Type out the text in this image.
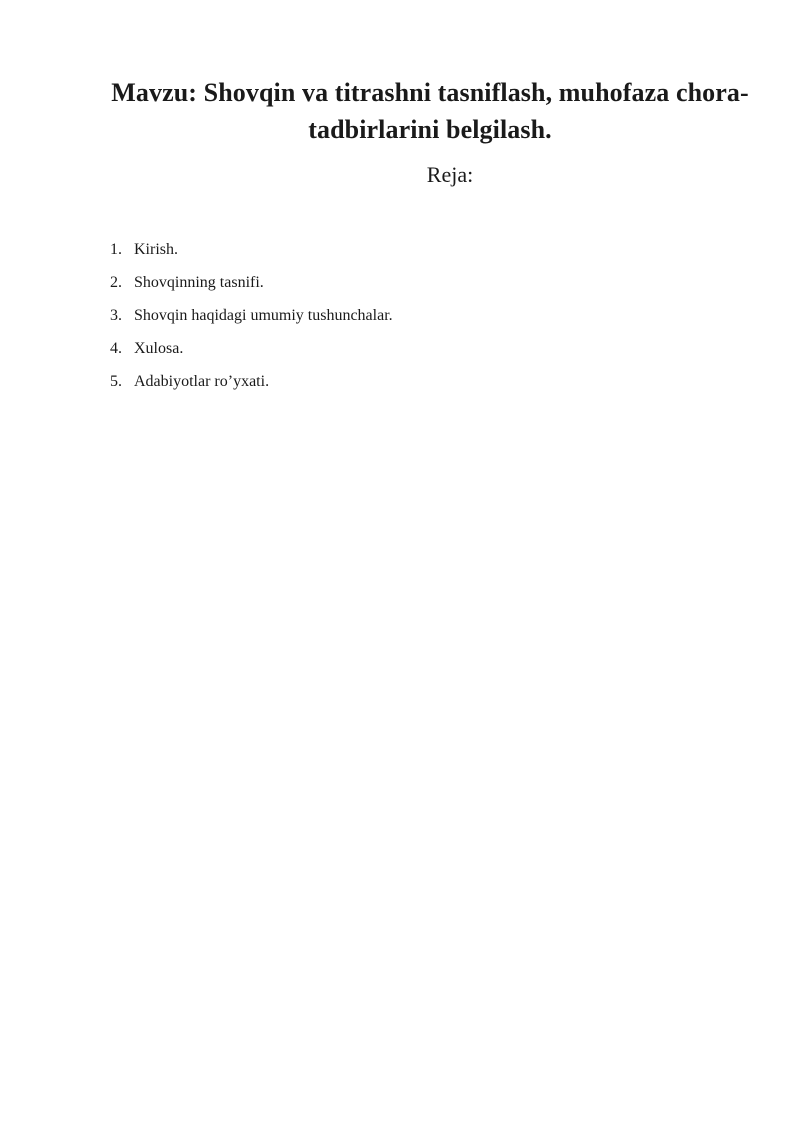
Mavzu: Shovqin va titrashni tasniflash, muhofaza chora-tadbirlarini belgilash.
Reja:
1. Kirish.
2. Shovqinning tasnifi.
3. Shovqin haqidagi umumiy tushunchalar.
4. Xulosa.
5. Adabiyotlar ro’yxati.
